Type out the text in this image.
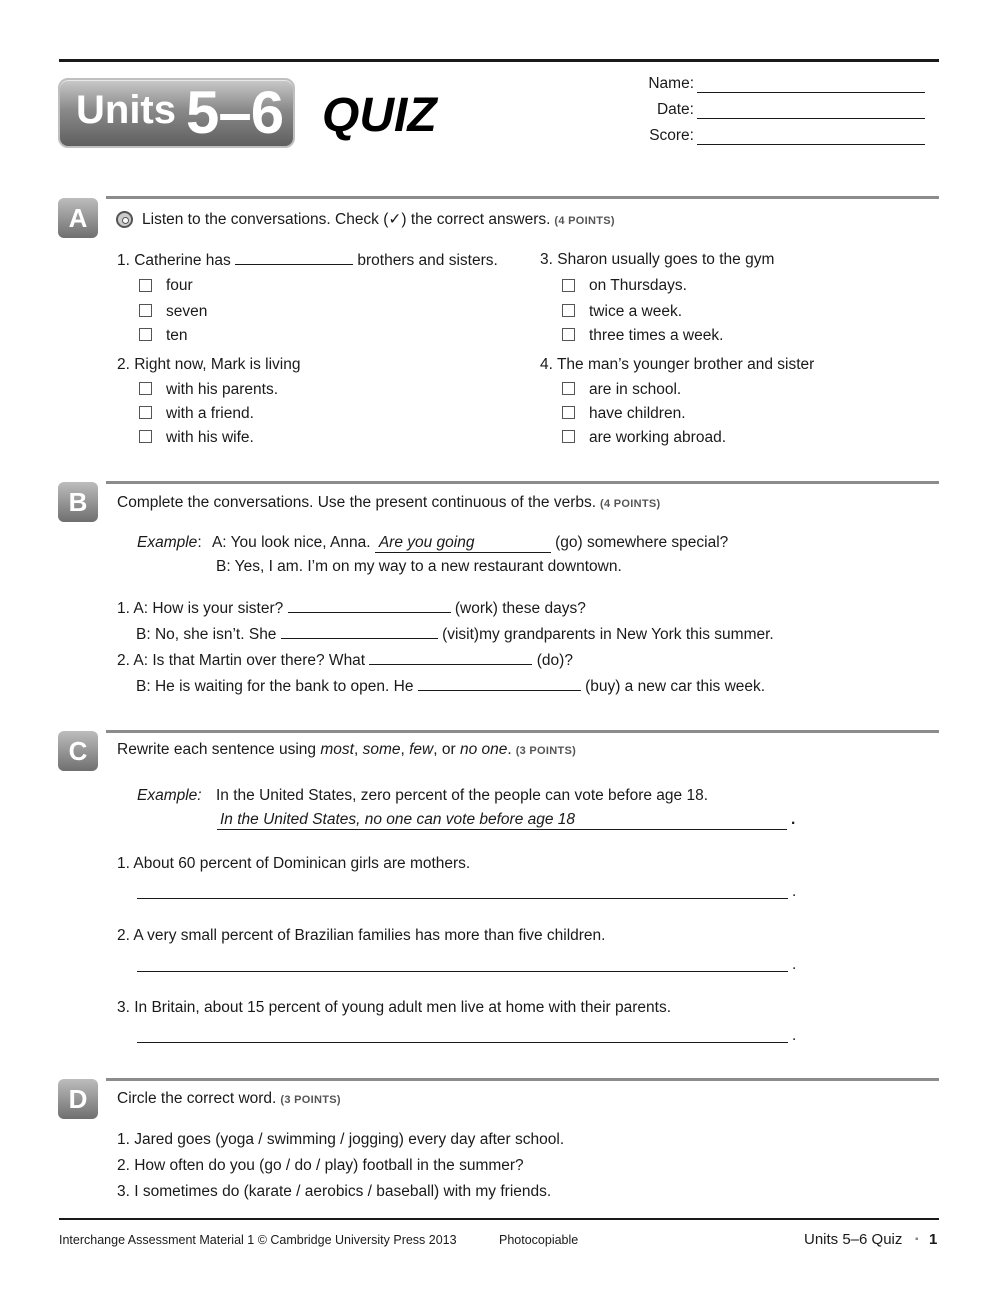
Units 5–6 QUIZ
Name:
Date:
Score:
A	Listen to the conversations. Check (✓) the correct answers. (4 POINTS)
1. Catherine has	brothers and sisters.
four
seven
ten
2. Right now, Mark is living
with his parents.
with a friend.
with his wife.
3. Sharon usually goes to the gym
on Thursdays.
twice a week.
three times a week.
4. The man’s younger brother and sister
are in school.
have children.
are working abroad.
B	Complete the conversations. Use the present continuous of the verbs. (4 POINTS)
Example: A: You look nice, Anna. Are you going	(go) somewhere special?
B: Yes, I am. I’m on my way to a new restaurant downtown.
1. A: How is your sister?	(work) these days?
B: No, she isn’t. She	(visit)my grandparents in New York this summer.
2. A: Is that Martin over there? What	(do)?
B: He is waiting for the bank to open. He	(buy) a new car this week.
C	Rewrite each sentence using most, some, few, or no one. (3 POINTS)
Example: In the United States, zero percent of the people can vote before age 18.
In the United States, no one can vote before age 18	.
1. About 60 percent of Dominican girls are mothers.
.
2. A very small percent of Brazilian families has more than five children.
.
3. In Britain, about 15 percent of young adult men live at home with their parents.
.
D	Circle the correct word. (3 POINTS)
1. Jared goes (yoga / swimming / jogging) every day after school.
2. How often do you (go / do / play) football in the summer?
3. I sometimes do (karate / aerobics / baseball) with my friends.
Interchange Assessment Material 1 © Cambridge University Press 2013	Photocopiable	Units 5–6 Quiz ▪ 1
